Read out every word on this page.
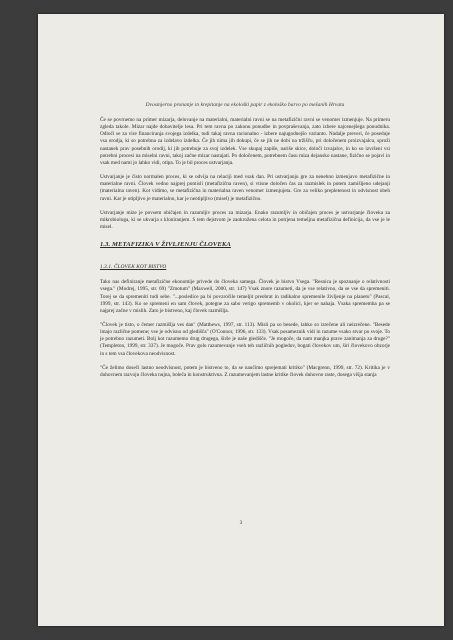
Dvosmjerno pronanje in krepitanje na ekološki papir z ekološko barvo po mešanih Hrvata

Če se povrnemo na primer mizarja, delovanje na materialni, materialni ravni se na metafizični ravni se venomer izmenjuje. Na primeru zgleda takole. Mizar najde dobavitelje lesa. Pri tem ravna po zakonu ponudbe in povpraševanja, zato izbere najcenejšega ponudnika. Odloči se za vire financiranja svojega izdelka, tudi takaj ravna racionalno - izbere najugodnejšo varianto. Nadalje preveri, če poseduje vsa orodja, ki so potrebna za izdelavo izdelka. Če jih nima jih dokupi, če se jih ne dobi na tržišču, pri določenem proizvajalcu, sproži nastanek prav posebnih orodij, ki jih potrebuje za svoj izdelek. Vse skupaj zapiše, nariše skice, določi izvajalce, in ko so izvršeni vsi potrebni procesi na miselni ravni, takoj začne mizar nastajati. Po določenem, potrebnem času miza dejansko nastane, fizično se pojavi in vsak med nami jo lahko vidi, otipa. To je bil proces ustvarjanja.

Ustvarjanje je čisto normalen proces, ki se odvija na relaciji med vsak dan. Pri ustvarjanju gre za nenehno izmenjavo metafizične in materialne ravni. Človek vedno najprej pomisli (metafizična raven), si vtisne določen čas za razmislek in potem zamišljeno udejanji (materialna raven). Kot vidimo, se metafizična in materialna raven venomer izmenjujeta. Gre za veliko prepletenost in odvisnost obeh ravni. Kar je otipljivo je materialno, kar je neotipljivo (misel) je metafizično.

Ustvarjanje mize je povsem običajen in razumljiv proces za mizarja. Enako razumljiv in običajen proces je ustvarjanje človeka za mikrobiologa, ki se ukvarja s kloniranjem. S tem dejstvom je zaokrožena celota in potrjena temeljna metafizična definicija, da vse je le misel.

1.3. METAFIZIKA V ŽIVLJENJU ČLOVEKA
1.3.1. ČLOVEK KOT BISTVO

Tako nas definiranje metafizične ekonomije privede do človeka samega. Človek je bistvo Vsega. "Resnica je spoznanje o relativnosti vsega." (Modrej, 1995, str. 69) "Zmotum" (Maxwell, 2000, str. 147) Vsak znore razumeti, da je vse relativno, da se vse da spremeniti. Torej se da spremeniti tudi sebe. "...posledice pa bi povzročile temeljit preobrat in radikalno spremenile življenje na planetu" (Pascal, 1999, str. 143). Ko se spremeni en sam človek, potegne za sabo verigo sprememb v okolici, kjer se nahaja. Vsaka sprememba pa se najprej začne v mislih. Zato je bistveno, kaj človek razmišlja.

"Človek je tisto, o čemer razmišlja ves dan" (Matthews, 1997, str. 113). Misli pa so besede, lahko so izrečene ali neizrečene. "Besede imajo različne pomene; vse je odvisno od gledišča" (O'Connor, 1996, str. 133). Vsak posameznik vidi in razume vsako stvar po svoje. To je potrebno razumeti. Bolj kot razumemo drug drugega, širše je naše gledišče. "Je mogoče, da nam manjka prave zanimanja za druge?" (Templeton, 1999, str. 337). Je mogoče. Prav golo razumevanje vseh teh različnih pogledov, bogati človekov um, širi človekovo obzorje in s tem vsa človekova neodvisnost.

"Če želimo doseči lastno neodvisnost, potem je bistveno to, da se naučimo sprejemati kritiko" (Macgrenn, 1999, str. 72). Kritika je v duhovnem razvoju človeka nujna, boleča in konstruktivna. Z razumevanjem lastne kritike človek duhovno raste, dosega višja stanja

3
